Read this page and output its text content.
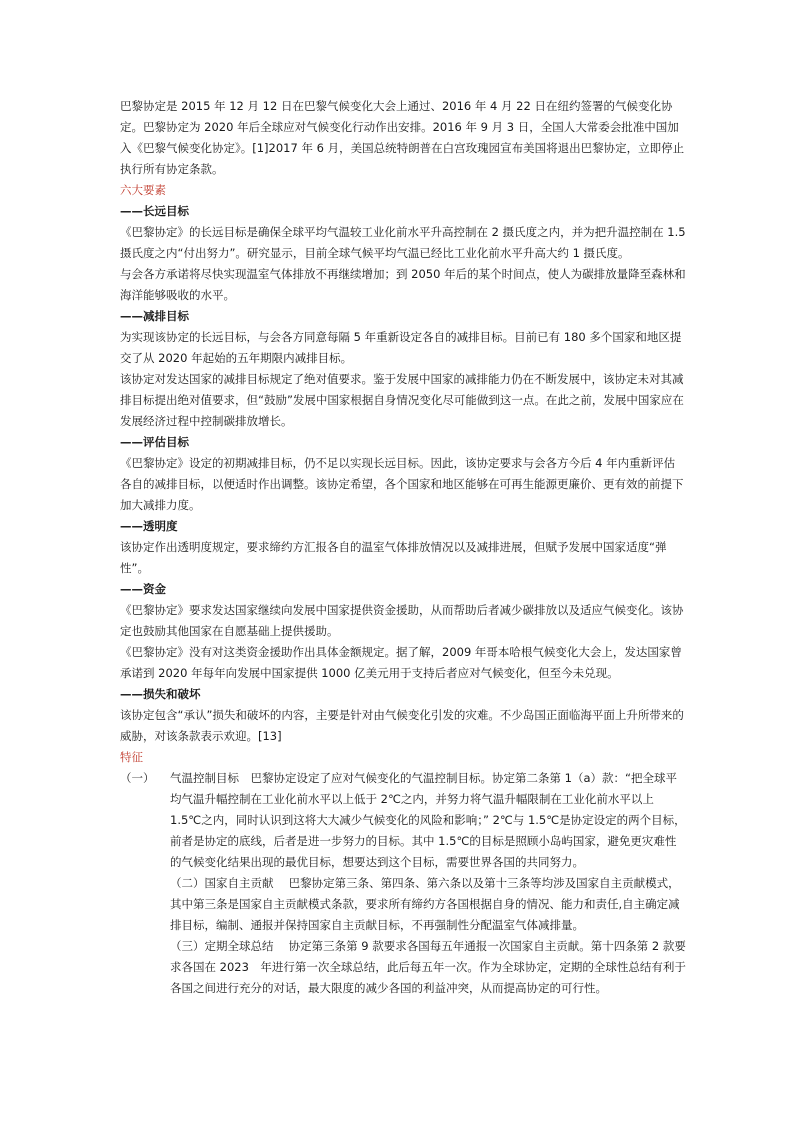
巴黎协定是 2015 年 12 月 12 日在巴黎气候变化大会上通过、2016 年 4 月 22 日在纽约签署的气候变化协定。巴黎协定为 2020 年后全球应对气候变化行动作出安排。2016 年 9 月 3 日，全国人大常委会批准中国加入《巴黎气候变化协定》。[1]2017 年 6 月，美国总统特朗普在白宫玫瑰园宣布美国将退出巴黎协定，立即停止执行所有协定条款。

六大要素

——长远目标

《巴黎协定》的长远目标是确保全球平均气温较工业化前水平升高控制在 2 摄氏度之内，并为把升温控制在 1.5 摄氏度之内“付出努力”。研究显示，目前全球气候平均气温已经比工业化前水平升高大约 1 摄氏度。

与会各方承诺将尽快实现温室气体排放不再继续增加；到 2050 年后的某个时间点，使人为碳排放量降至森林和海洋能够吸收的水平。

——减排目标

为实现该协定的长远目标，与会各方同意每隔 5 年重新设定各自的减排目标。目前已有 180 多个国家和地区提交了从 2020 年起始的五年期限内减排目标。

该协定对发达国家的减排目标规定了绝对值要求。鉴于发展中国家的减排能力仍在不断发展中，该协定未对其减排目标提出绝对值要求，但“鼓励”发展中国家根据自身情况变化尽可能做到这一点。在此之前，发展中国家应在发展经济过程中控制碳排放增长。

——评估目标

《巴黎协定》设定的初期减排目标，仍不足以实现长远目标。因此，该协定要求与会各方今后 4 年内重新评估各自的减排目标，以便适时作出调整。该协定希望，各个国家和地区能够在可再生能源更廉价、更有效的前提下加大减排力度。

——透明度

该协定作出透明度规定，要求缔约方汇报各自的温室气体排放情况以及减排进展，但赋予发展中国家适度“弹性”。

——资金

《巴黎协定》要求发达国家继续向发展中国家提供资金援助，从而帮助后者减少碳排放以及适应气候变化。该协定也鼓励其他国家在自愿基础上提供援助。

《巴黎协定》没有对这类资金援助作出具体金额规定。据了解，2009 年哥本哈根气候变化大会上，发达国家曾承诺到 2020 年每年向发展中国家提供 1000 亿美元用于支持后者应对气候变化，但至今未兑现。

——损失和破坏

该协定包含“承认”损失和破坏的内容，主要是针对由气候变化引发的灾难。不少岛国正面临海平面上升所带来的威胁，对该条款表示欢迎。[13]

特征

（一）	气温控制目标　巴黎协定设定了应对气候变化的气温控制目标。协定第二条第 1（a）款：“把全球平均气温升幅控制在工业化前水平以上低于 2℃之内，并努力将气温升幅限制在工业化前水平以上 1.5℃之内，同时认识到这将大大减少气候变化的风险和影响；” 2℃与 1.5℃是协定设定的两个目标，前者是协定的底线，后者是进一步努力的目标。其中 1.5℃的目标是照顾小岛屿国家，避免更灾难性的气候变化结果出现的最优目标，想要达到这个目标，需要世界各国的共同努力。

（二）国家自主贡献　 巴黎协定第三条、第四条、第六条以及第十三条等均涉及国家自主贡献模式，其中第三条是国家自主贡献模式条款，要求所有缔约方各国根据自身的情况、能力和责任,自主确定减排目标，编制、通报并保持国家自主贡献目标，不再强制性分配温室气体减排量。

（三）定期全球总结　 协定第三条第 9 款要求各国每五年通报一次国家自主贡献。第十四条第 2 款要求各国在 2023　年进行第一次全球总结，此后每五年一次。作为全球协定，定期的全球性总结有利于各国之间进行充分的对话，最大限度的减少各国的利益冲突，从而提高协定的可行性。
